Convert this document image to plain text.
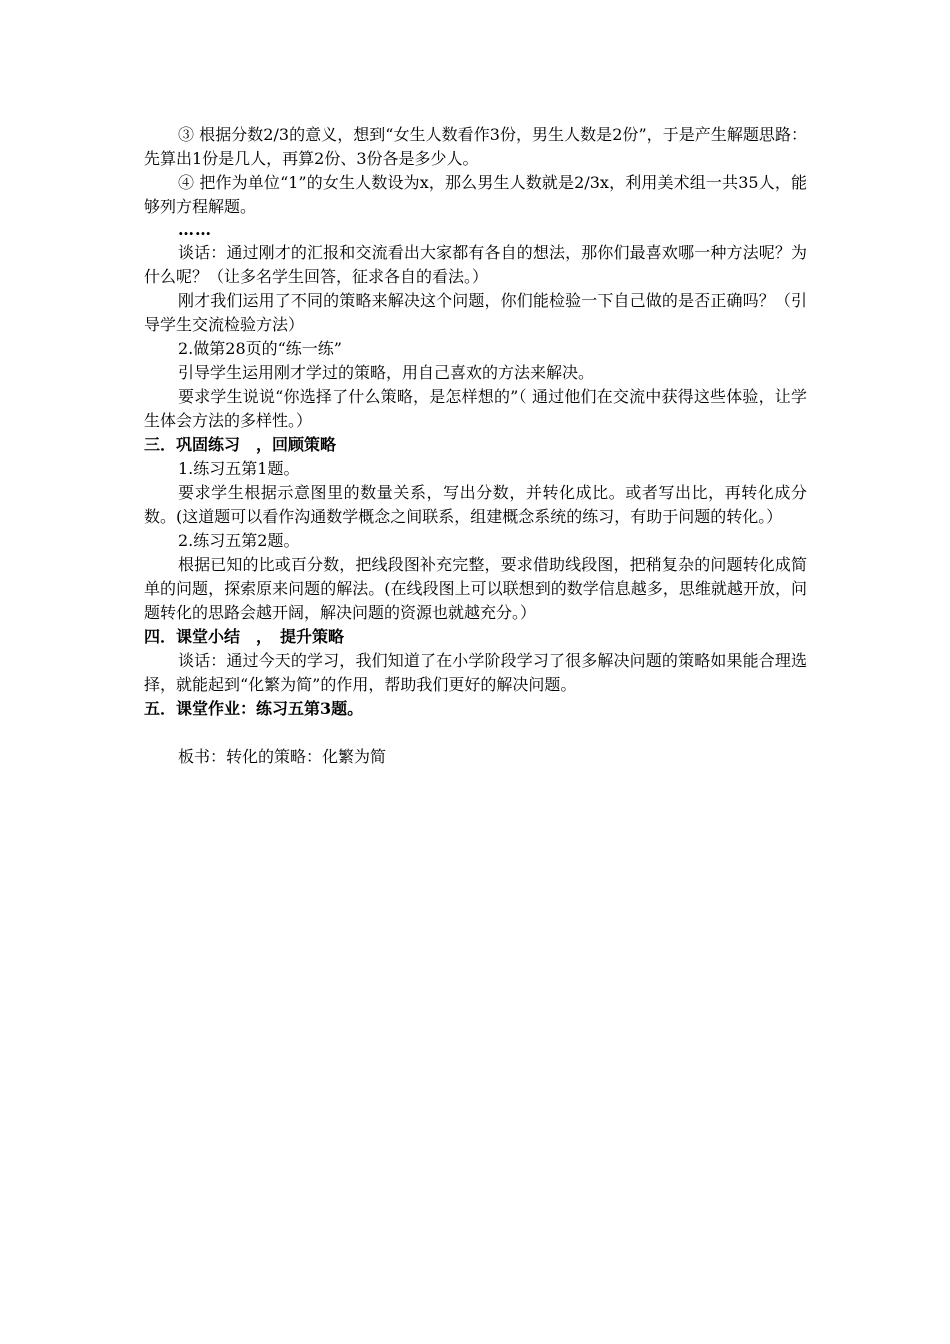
③ 根据分数2/3的意义，想到“女生人数看作3份，男生人数是2份”，于是产生解题思路：先算出1份是几人，再算2份、3份各是多少人。

④ 把作为单位“1”的女生人数设为x，那么男生人数就是2/3x，利用美术组一共35人，能够列方程解题。

……

谈话：通过刚才的汇报和交流看出大家都有各自的想法，那你们最喜欢哪一种方法呢？为什么呢？（让多名学生回答，征求各自的看法。）

刚才我们运用了不同的策略来解决这个问题，你们能检验一下自己做的是否正确吗？（引导学生交流检验方法）

2.做第28页的“练一练”

引导学生运用刚才学过的策略，用自己喜欢的方法来解决。

要求学生说说“你选择了什么策略，是怎样想的”（ 通过他们在交流中获得这些体验，让学生体会方法的多样性。）

三．巩固练习　，回顾策略

1.练习五第1题。

要求学生根据示意图里的数量关系，写出分数，并转化成比。或者写出比，再转化成分数。(这道题可以看作沟通数学概念之间联系，组建概念系统的练习，有助于问题的转化。）

2.练习五第2题。

根据已知的比或百分数，把线段图补充完整，要求借助线段图，把稍复杂的问题转化成简单的问题，探索原来问题的解法。(在线段图上可以联想到的数学信息越多，思维就越开放，问题转化的思路会越开阔，解决问题的资源也就越充分。）

四．课堂小结　，　提升策略

谈话：通过今天的学习，我们知道了在小学阶段学习了很多解决问题的策略如果能合理选择，就能起到“化繁为简”的作用，帮助我们更好的解决问题。

五．课堂作业：练习五第3题。

板书：转化的策略：化繁为简
